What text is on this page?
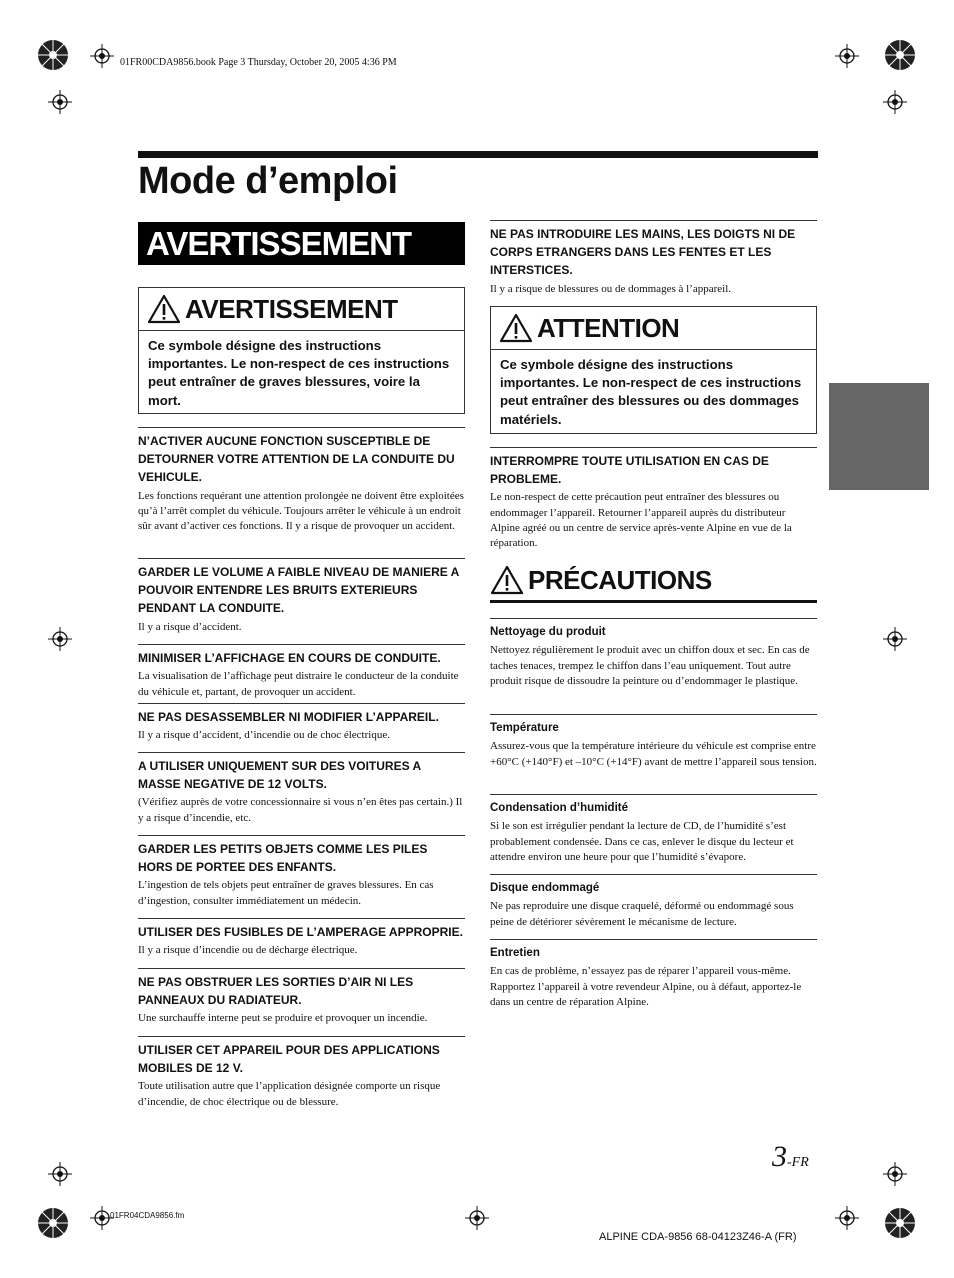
01FR00CDA9856.book Page 3 Thursday, October 20, 2005 4:36 PM
Mode d’emploi
AVERTISSEMENT
AVERTISSEMENT
Ce symbole désigne des instructions importantes. Le non-respect de ces instructions peut entraîner de graves blessures, voire la mort.
N’ACTIVER AUCUNE FONCTION SUSCEPTIBLE DE DETOURNER VOTRE ATTENTION DE LA CONDUITE DU VEHICULE.

Les fonctions requérant une attention prolongée ne doivent être exploitées qu’à l’arrêt complet du véhicule. Toujours arrêter le véhicule à un endroit sûr avant d’activer ces fonctions. Il y a risque de provoquer un accident.

GARDER LE VOLUME A FAIBLE NIVEAU DE MANIERE A POUVOIR ENTENDRE LES BRUITS EXTERIEURS PENDANT LA CONDUITE.

Il y a risque d’accident.

MINIMISER L’AFFICHAGE EN COURS DE CONDUITE.

La visualisation de l’affichage peut distraire le conducteur de la conduite du véhicule et, partant, de provoquer un accident.

NE PAS DESASSEMBLER NI MODIFIER L’APPAREIL.

Il y a risque d’accident, d’incendie ou de choc électrique.

A UTILISER UNIQUEMENT SUR DES VOITURES A MASSE NEGATIVE DE 12 VOLTS.

(Vérifiez auprès de votre concessionnaire si vous n’en êtes pas certain.) Il y a risque d’incendie, etc.

GARDER LES PETITS OBJETS COMME LES PILES HORS DE PORTEE DES ENFANTS.

L’ingestion de tels objets peut entraîner de graves blessures. En cas d’ingestion, consulter immédiatement un médecin.

UTILISER DES FUSIBLES DE L’AMPERAGE APPROPRIE.

Il y a risque d’incendie ou de décharge électrique.

NE PAS OBSTRUER LES SORTIES D’AIR NI LES PANNEAUX DU RADIATEUR.

Une surchauffe interne peut se produire et provoquer un incendie.

UTILISER CET APPAREIL POUR DES APPLICATIONS MOBILES DE 12 V.

Toute utilisation autre que l’application désignée comporte un risque d’incendie, de choc électrique ou de blessure.

NE PAS INTRODUIRE LES MAINS, LES DOIGTS NI DE CORPS ETRANGERS DANS LES FENTES ET LES INTERSTICES.

Il y a risque de blessures ou de dommages à l’appareil.

ATTENTION
Ce symbole désigne des instructions importantes. Le non-respect de ces instructions peut entraîner des blessures ou des dommages matériels.
INTERROMPRE TOUTE UTILISATION EN CAS DE PROBLEME.

Le non-respect de cette précaution peut entraîner des blessures ou endommager l’appareil. Retourner l’appareil auprès du distributeur Alpine agréé ou un centre de service après-vente Alpine en vue de la réparation.

PRÉCAUTIONS
Nettoyage du produit

Nettoyez régulièrement le produit avec un chiffon doux et sec. En cas de taches tenaces, trempez le chiffon dans l’eau uniquement. Tout autre produit risque de dissoudre la peinture ou d’endommager le plastique.

Température

Assurez-vous que la température intérieure du véhicule est comprise entre +60°C (+140°F) et –10°C (+14°F) avant de mettre l’appareil sous tension.

Condensation d’humidité

Si le son est irrégulier pendant la lecture de CD, de l’humidité s’est probablement condensée. Dans ce cas, enlever le disque du lecteur et attendre environ une heure pour que l’humidité s’évapore.

Disque endommagé

Ne pas reproduire une disque craquelé, déformé ou endommagé sous peine de détériorer sévèrement le mécanisme de lecture.

Entretien

En cas de problème, n’essayez pas de réparer l’appareil vous-même. Rapportez l’appareil à votre revendeur Alpine, ou à défaut, apportez-le dans un centre de réparation Alpine.

3-FR
01FR04CDA9856.fm
ALPINE CDA-9856 68-04123Z46-A (FR)
